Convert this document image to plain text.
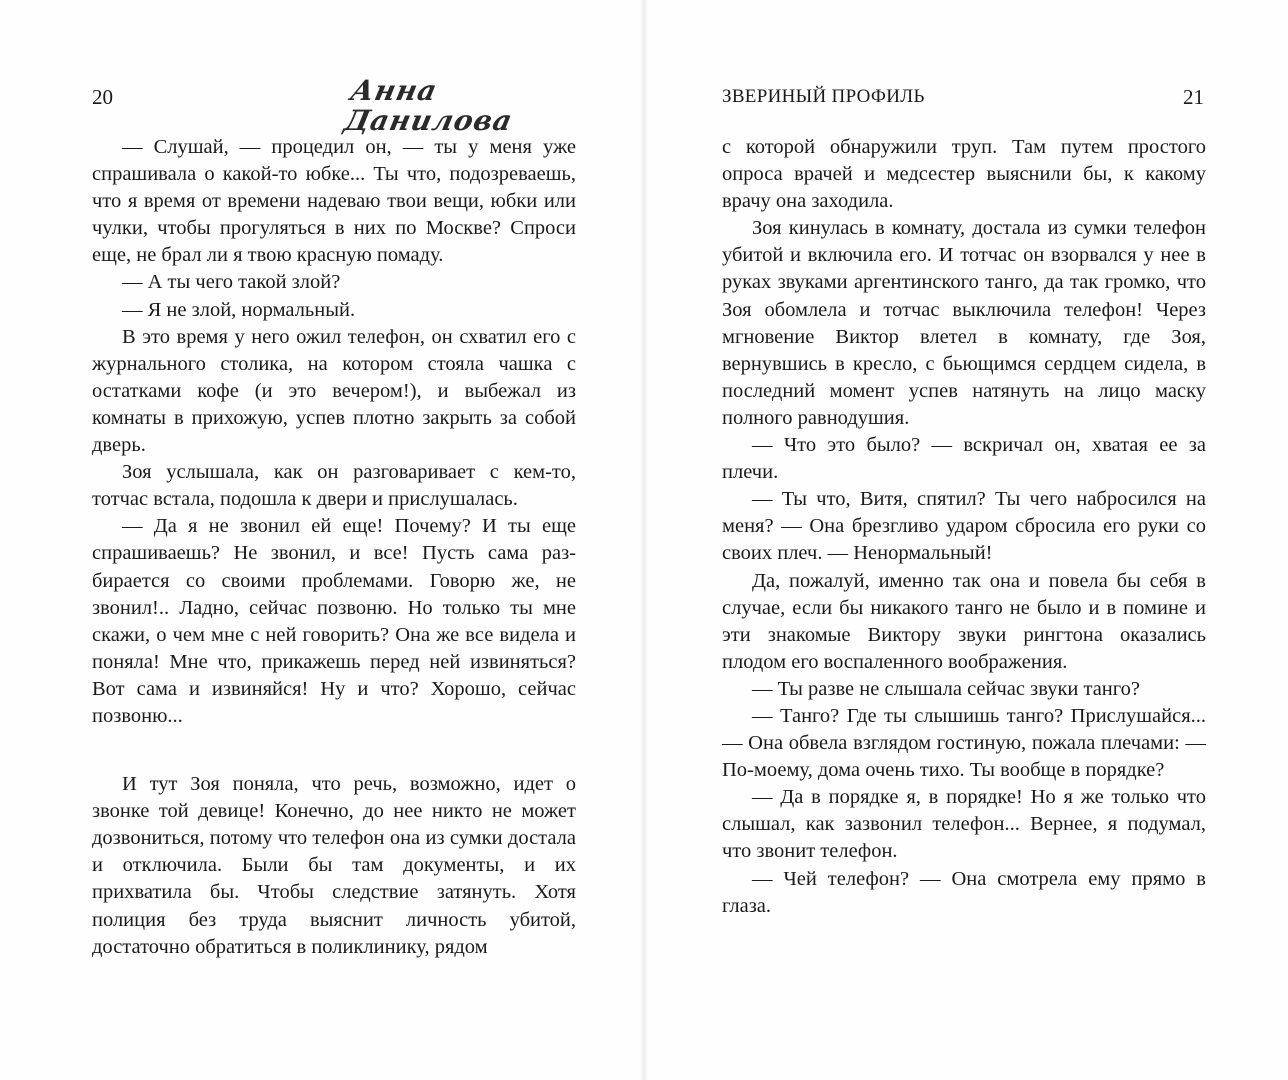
20	Анна Данилова

— Слушай, — процедил он, — ты у меня уже спрашивала о какой-то юбке... Ты что, подозреваешь, что я время от времени надеваю твои вещи, юбки или чулки, чтобы прогуляться в них по Москве? Спроси еще, не брал ли я твою красную помаду.

— А ты чего такой злой?

— Я не злой, нормальный.

В это время у него ожил телефон, он схватил его с журнального столика, на котором стояла чашка с остатками кофе (и это вечером!), и выбежал из комнаты в прихожую, успев плотно закрыть за собой дверь.

Зоя услышала, как он разговаривает с кем-то, тотчас встала, подошла к двери и прислушалась.

— Да я не звонил ей еще! Почему? И ты еще спрашиваешь? Не звонил, и все! Пусть сама разбирается со своими проблемами. Говорю же, не звонил!.. Ладно, сейчас позвоню. Но только ты мне скажи, о чем мне с ней говорить? Она же все видела и поняла! Мне что, прикажешь перед ней извиняться? Вот сама и извиняйся! Ну и что? Хорошо, сейчас позвоню...

И тут Зоя поняла, что речь, возможно, идет о звонке той девице! Конечно, до нее никто не может дозвониться, потому что телефон она из сумки достала и отключила. Были бы там документы, и их прихватила бы. Чтобы следствие затянуть. Хотя полиция без труда выяснит личность убитой, достаточно обратиться в поликлинику, рядом

ЗВЕРИНЫЙ ПРОФИЛЬ	21

с которой обнаружили труп. Там путем простого опроса врачей и медсестер выяснили бы, к какому врачу она заходила.

Зоя кинулась в комнату, достала из сумки телефон убитой и включила его. И тотчас он взорвался у нее в руках звуками аргентинского танго, да так громко, что Зоя обомлела и тотчас выключила телефон! Через мгновение Виктор влетел в комнату, где Зоя, вернувшись в кресло, с бьющимся сердцем сидела, в последний момент успев натянуть на лицо маску полного равнодушия.

— Что это было? — вскричал он, хватая ее за плечи.

— Ты что, Витя, спятил? Ты чего набросился на меня? — Она брезгливо ударом сбросила его руки со своих плеч. — Ненормальный!

Да, пожалуй, именно так она и повела бы себя в случае, если бы никакого танго не было и в помине и эти знакомые Виктору звуки рингтона оказались плодом его воспаленного воображения.

— Ты разве не слышала сейчас звуки танго?

— Танго? Где ты слышишь танго? Прислушайся... — Она обвела взглядом гостиную, пожала плечами: — По-моему, дома очень тихо. Ты вообще в порядке?

— Да в порядке я, в порядке! Но я же только что слышал, как зазвонил телефон... Вернее, я подумал, что звонит телефон.

— Чей телефон? — Она смотрела ему прямо в глаза.
